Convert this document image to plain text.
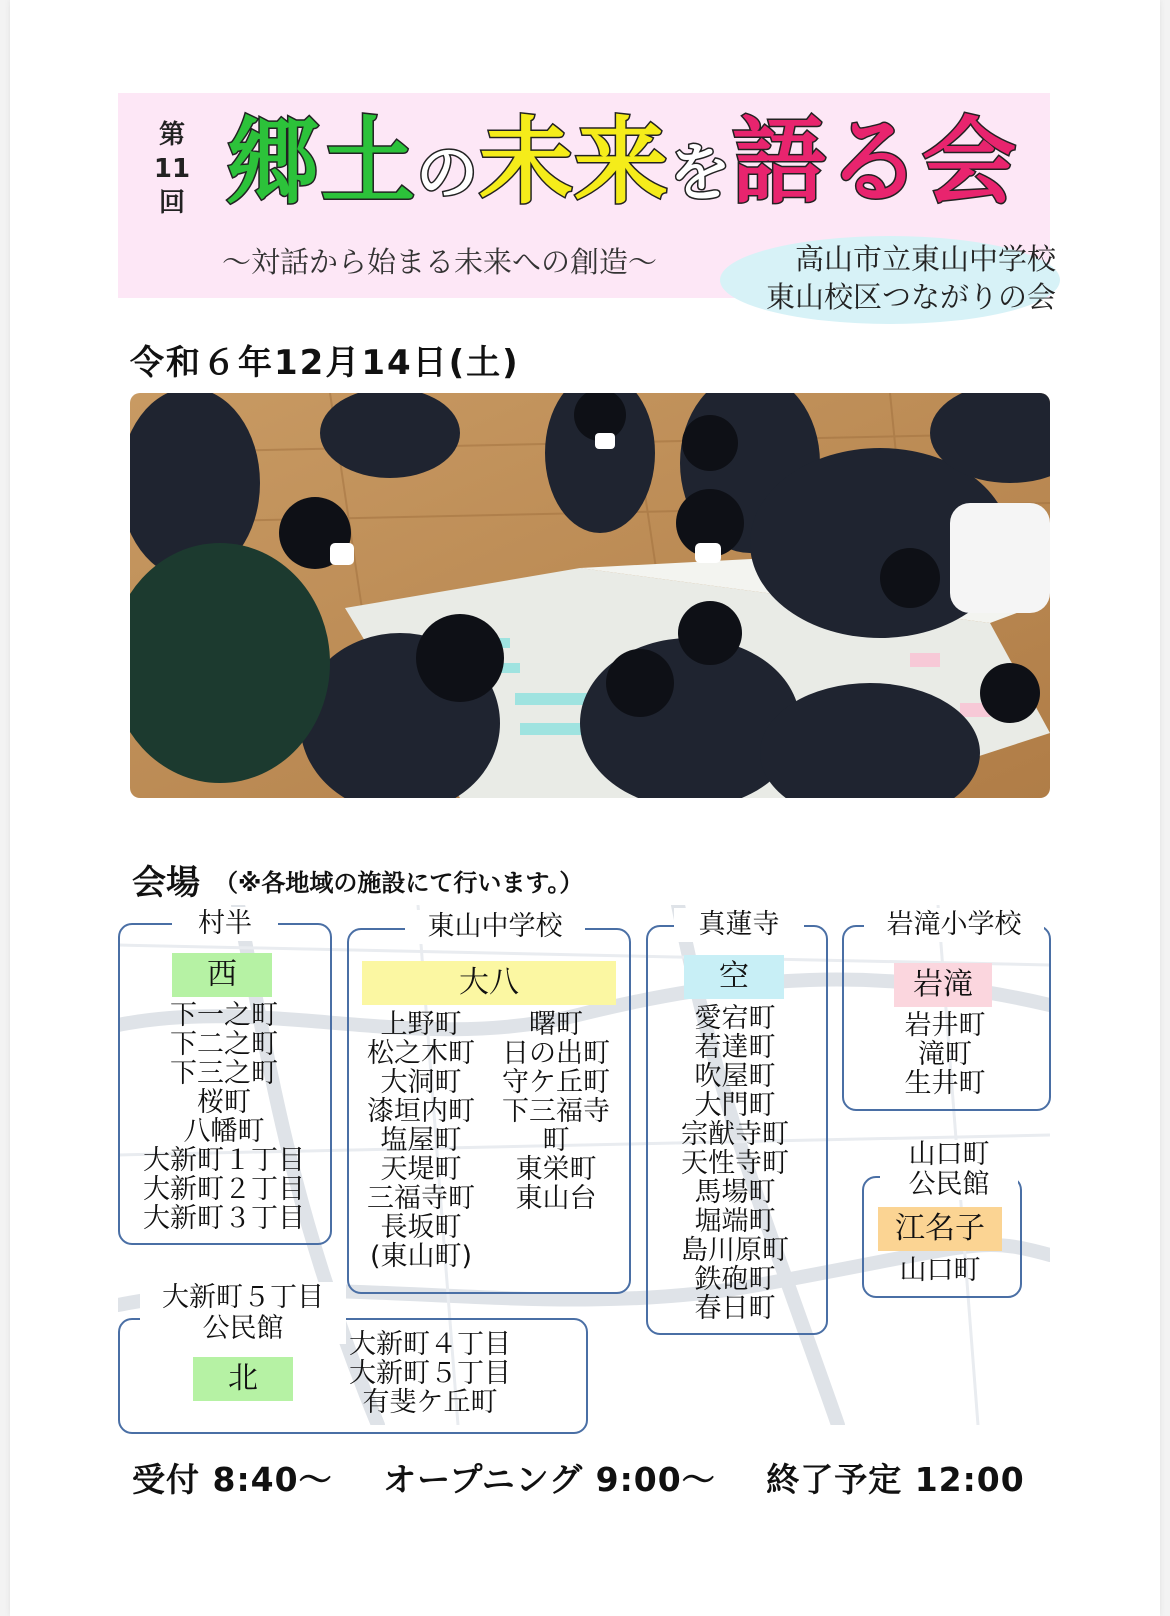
第
11
回 郷土の未来を語る会
〜対話から始まる未来への創造〜	高山市立東山中学校
東山校区つながりの会
令和６年12月14日(土)
会場 （※各地域の施設にて行います。）
村半
西
下一之町
下二之町
下三之町
桜町
八幡町
大新町１丁目
大新町２丁目
大新町３丁目
東山中学校
大八
上野町
松之木町
大洞町
漆垣内町
塩屋町
天堤町
三福寺町
長坂町
(東山町)
曙町
日の出町
守ケ丘町
下三福寺
町
東栄町
東山台
真蓮寺
空
愛宕町
若達町
吹屋町
大門町
宗猷寺町
天性寺町
馬場町
堀端町
島川原町
鉄砲町
春日町
岩滝小学校
岩滝
岩井町
滝町
生井町
山口町
公民館
江名子
山口町
大新町５丁目
公民館
北
大新町４丁目
大新町５丁目
有斐ケ丘町
受付 8:40〜 オープニング 9:00〜 終了予定 12:00
